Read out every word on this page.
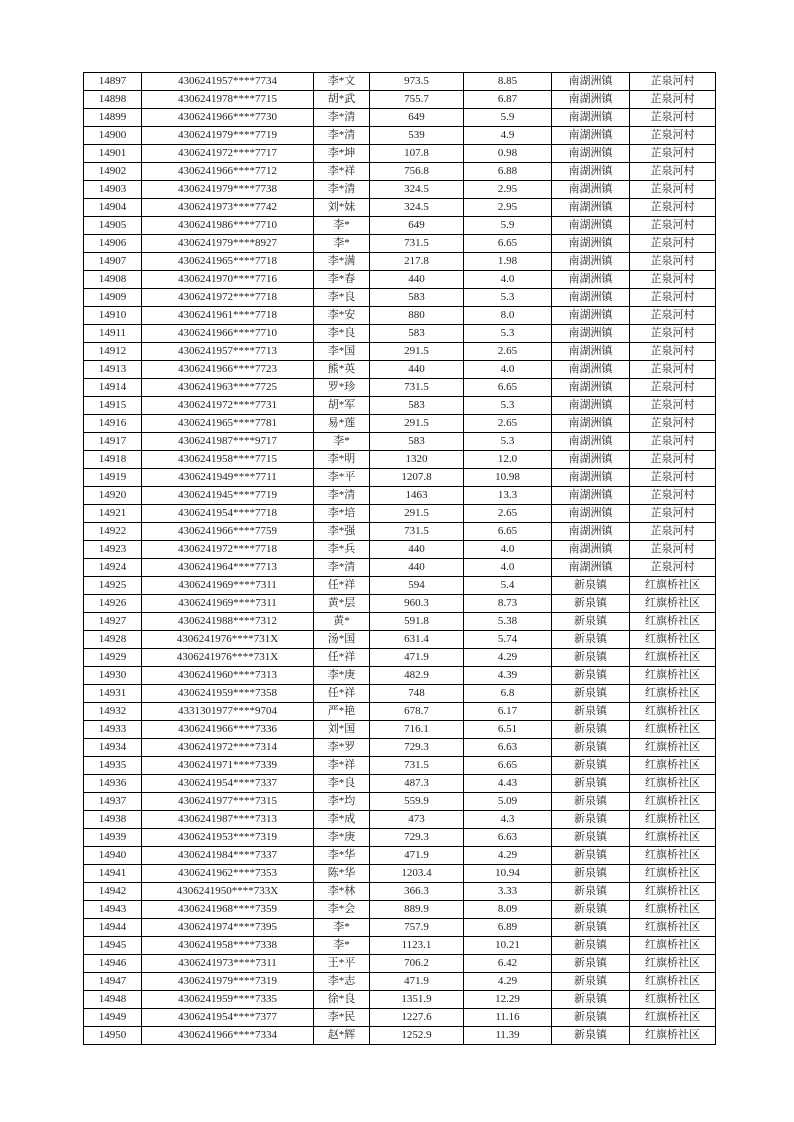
14897	4306241957****7734	李*文	973.5	8.85	南湖洲镇	芷泉河村
14898	4306241978****7715	胡*武	755.7	6.87	南湖洲镇	芷泉河村
14899	4306241966****7730	李*清	649	5.9	南湖洲镇	芷泉河村
14900	4306241979****7719	李*清	539	4.9	南湖洲镇	芷泉河村
14901	4306241972****7717	李*坤	107.8	0.98	南湖洲镇	芷泉河村
14902	4306241966****7712	李*祥	756.8	6.88	南湖洲镇	芷泉河村
14903	4306241979****7738	李*清	324.5	2.95	南湖洲镇	芷泉河村
14904	4306241973****7742	刘*妹	324.5	2.95	南湖洲镇	芷泉河村
14905	4306241986****7710	李*	649	5.9	南湖洲镇	芷泉河村
14906	4306241979****8927	李*	731.5	6.65	南湖洲镇	芷泉河村
14907	4306241965****7718	李*满	217.8	1.98	南湖洲镇	芷泉河村
14908	4306241970****7716	李*春	440	4.0	南湖洲镇	芷泉河村
14909	4306241972****7718	李*良	583	5.3	南湖洲镇	芷泉河村
14910	4306241961****7718	李*安	880	8.0	南湖洲镇	芷泉河村
14911	4306241966****7710	李*良	583	5.3	南湖洲镇	芷泉河村
14912	4306241957****7713	李*国	291.5	2.65	南湖洲镇	芷泉河村
14913	4306241966****7723	熊*英	440	4.0	南湖洲镇	芷泉河村
14914	4306241963****7725	罗*珍	731.5	6.65	南湖洲镇	芷泉河村
14915	4306241972****7731	胡*军	583	5.3	南湖洲镇	芷泉河村
14916	4306241965****7781	易*莲	291.5	2.65	南湖洲镇	芷泉河村
14917	4306241987****9717	李*	583	5.3	南湖洲镇	芷泉河村
14918	4306241958****7715	李*明	1320	12.0	南湖洲镇	芷泉河村
14919	4306241949****7711	李*平	1207.8	10.98	南湖洲镇	芷泉河村
14920	4306241945****7719	李*清	1463	13.3	南湖洲镇	芷泉河村
14921	4306241954****7718	李*培	291.5	2.65	南湖洲镇	芷泉河村
14922	4306241966****7759	李*强	731.5	6.65	南湖洲镇	芷泉河村
14923	4306241972****7718	李*兵	440	4.0	南湖洲镇	芷泉河村
14924	4306241964****7713	李*清	440	4.0	南湖洲镇	芷泉河村
14925	4306241969****7311	任*祥	594	5.4	新泉镇	红旗桥社区
14926	4306241969****7311	黄*层	960.3	8.73	新泉镇	红旗桥社区
14927	4306241988****7312	黄*	591.8	5.38	新泉镇	红旗桥社区
14928	4306241976****731X	汤*国	631.4	5.74	新泉镇	红旗桥社区
14929	4306241976****731X	任*祥	471.9	4.29	新泉镇	红旗桥社区
14930	4306241960****7313	李*庚	482.9	4.39	新泉镇	红旗桥社区
14931	4306241959****7358	任*祥	748	6.8	新泉镇	红旗桥社区
14932	4331301977****9704	严*艳	678.7	6.17	新泉镇	红旗桥社区
14933	4306241966****7336	刘*国	716.1	6.51	新泉镇	红旗桥社区
14934	4306241972****7314	李*罗	729.3	6.63	新泉镇	红旗桥社区
14935	4306241971****7339	李*祥	731.5	6.65	新泉镇	红旗桥社区
14936	4306241954****7337	李*良	487.3	4.43	新泉镇	红旗桥社区
14937	4306241977****7315	李*均	559.9	5.09	新泉镇	红旗桥社区
14938	4306241987****7313	李*成	473	4.3	新泉镇	红旗桥社区
14939	4306241953****7319	李*庚	729.3	6.63	新泉镇	红旗桥社区
14940	4306241984****7337	李*华	471.9	4.29	新泉镇	红旗桥社区
14941	4306241962****7353	陈*华	1203.4	10.94	新泉镇	红旗桥社区
14942	4306241950****733X	李*林	366.3	3.33	新泉镇	红旗桥社区
14943	4306241968****7359	李*会	889.9	8.09	新泉镇	红旗桥社区
14944	4306241974****7395	李*	757.9	6.89	新泉镇	红旗桥社区
14945	4306241958****7338	李*	1123.1	10.21	新泉镇	红旗桥社区
14946	4306241973****7311	王*平	706.2	6.42	新泉镇	红旗桥社区
14947	4306241979****7319	李*志	471.9	4.29	新泉镇	红旗桥社区
14948	4306241959****7335	徐*良	1351.9	12.29	新泉镇	红旗桥社区
14949	4306241954****7377	李*民	1227.6	11.16	新泉镇	红旗桥社区
14950	4306241966****7334	赵*辉	1252.9	11.39	新泉镇	红旗桥社区
